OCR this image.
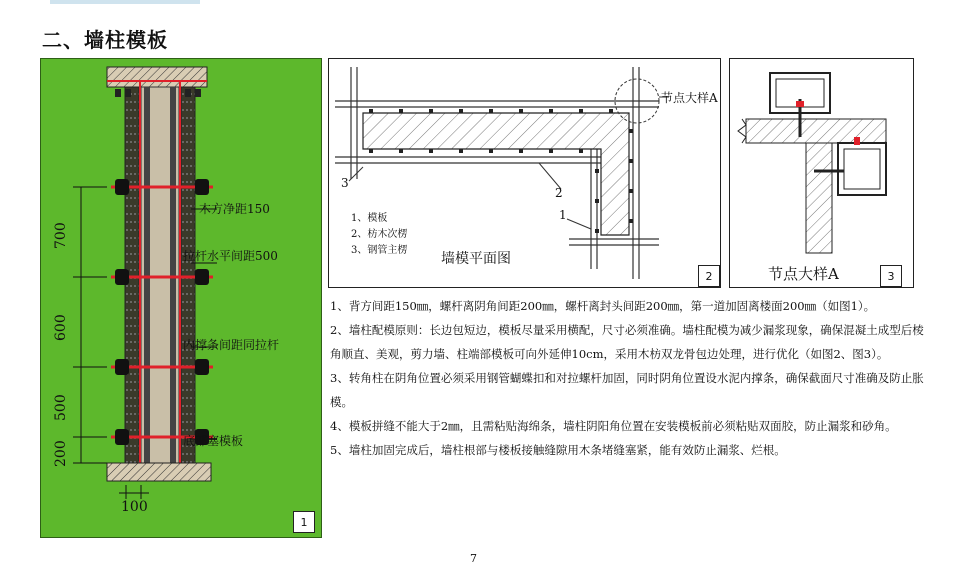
二、墙柱模板
木方净距150
拉杆水平间距500
内撑条间距同拉杆
底部塞模板
700
600
500
200
100
1
节点大样A
1、模板
2、枋木次楞
3、钢管主楞
墙模平面图
1
2
3
2	节点大样A	3

1、背方间距150㎜，螺杆离阴角间距200㎜，螺杆离封头间距200㎜，第一道加固离楼面200㎜（如图1）。

2、墙柱配模原则：长边包短边，模板尽量采用横配，尺寸必须准确。墙柱配模为减少漏浆现象，确保混凝土成型后棱角顺直、美观，剪力墙、柱端部模板可向外延伸10cm，采用木枋双龙骨包边处理，进行优化（如图2、图3）。

3、转角柱在阴角位置必须采用钢管蝴蝶扣和对拉螺杆加固，同时阴角位置设水泥内撑条，确保截面尺寸准确及防止胀模。

4、模板拼缝不能大于2㎜，且需粘贴海绵条，墙柱阴阳角位置在安装模板前必须粘贴双面胶，防止漏浆和砂角。

5、墙柱加固完成后，墙柱根部与楼板接触缝隙用木条堵缝塞紧，能有效防止漏浆、烂根。

7
